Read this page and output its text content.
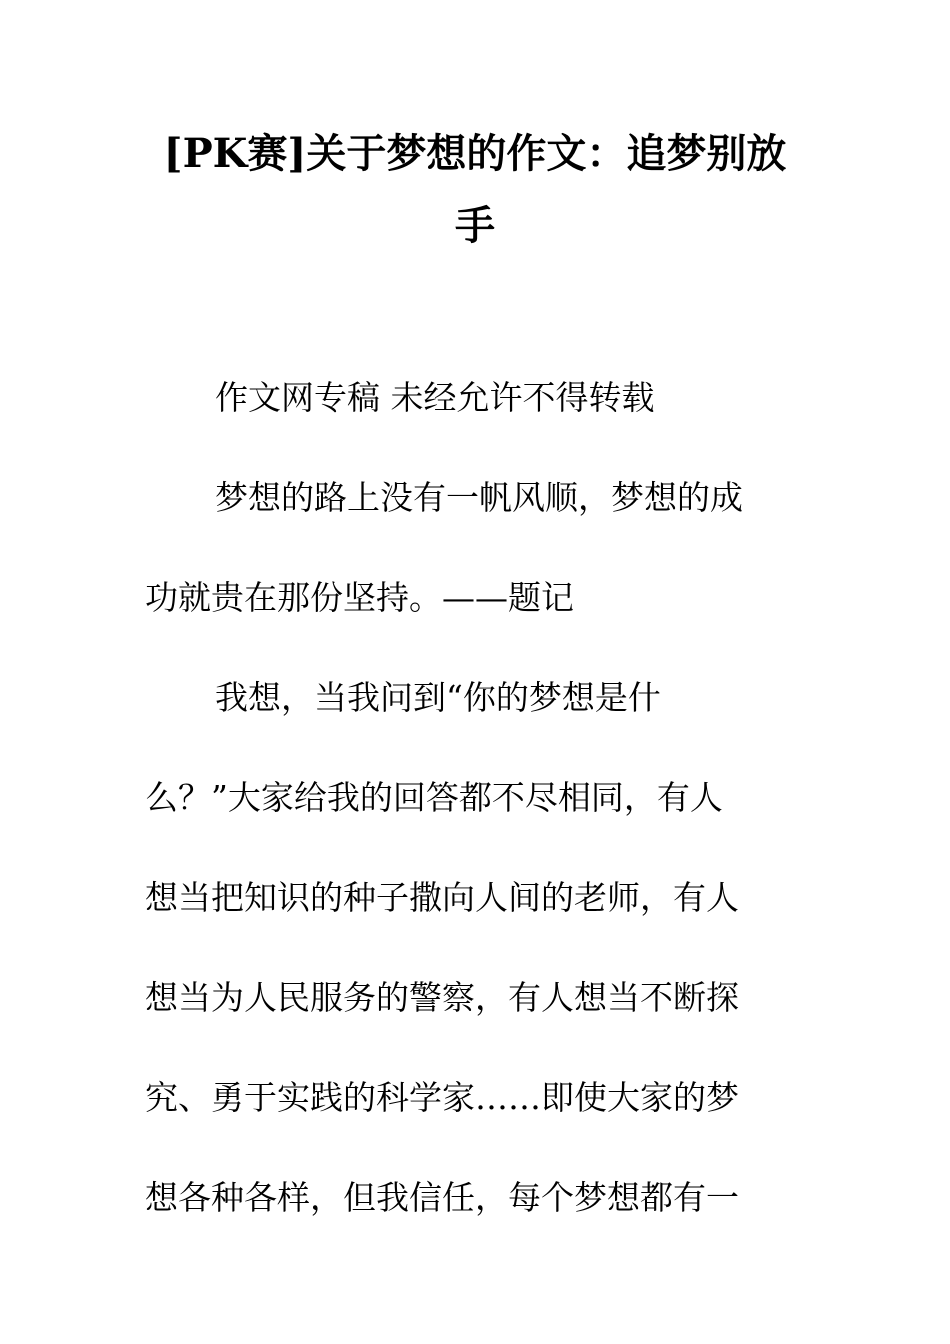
[PK赛]关于梦想的作文：追梦别放
手
作文网专稿 未经允许不得转载
梦想的路上没有一帆风顺，梦想的成
功就贵在那份坚持。——题记
我想，当我问到“你的梦想是什
么？”大家给我的回答都不尽相同，有人
想当把知识的种子撒向人间的老师，有人
想当为人民服务的警察，有人想当不断探
究、勇于实践的科学家……即使大家的梦
想各种各样，但我信任，每个梦想都有一
